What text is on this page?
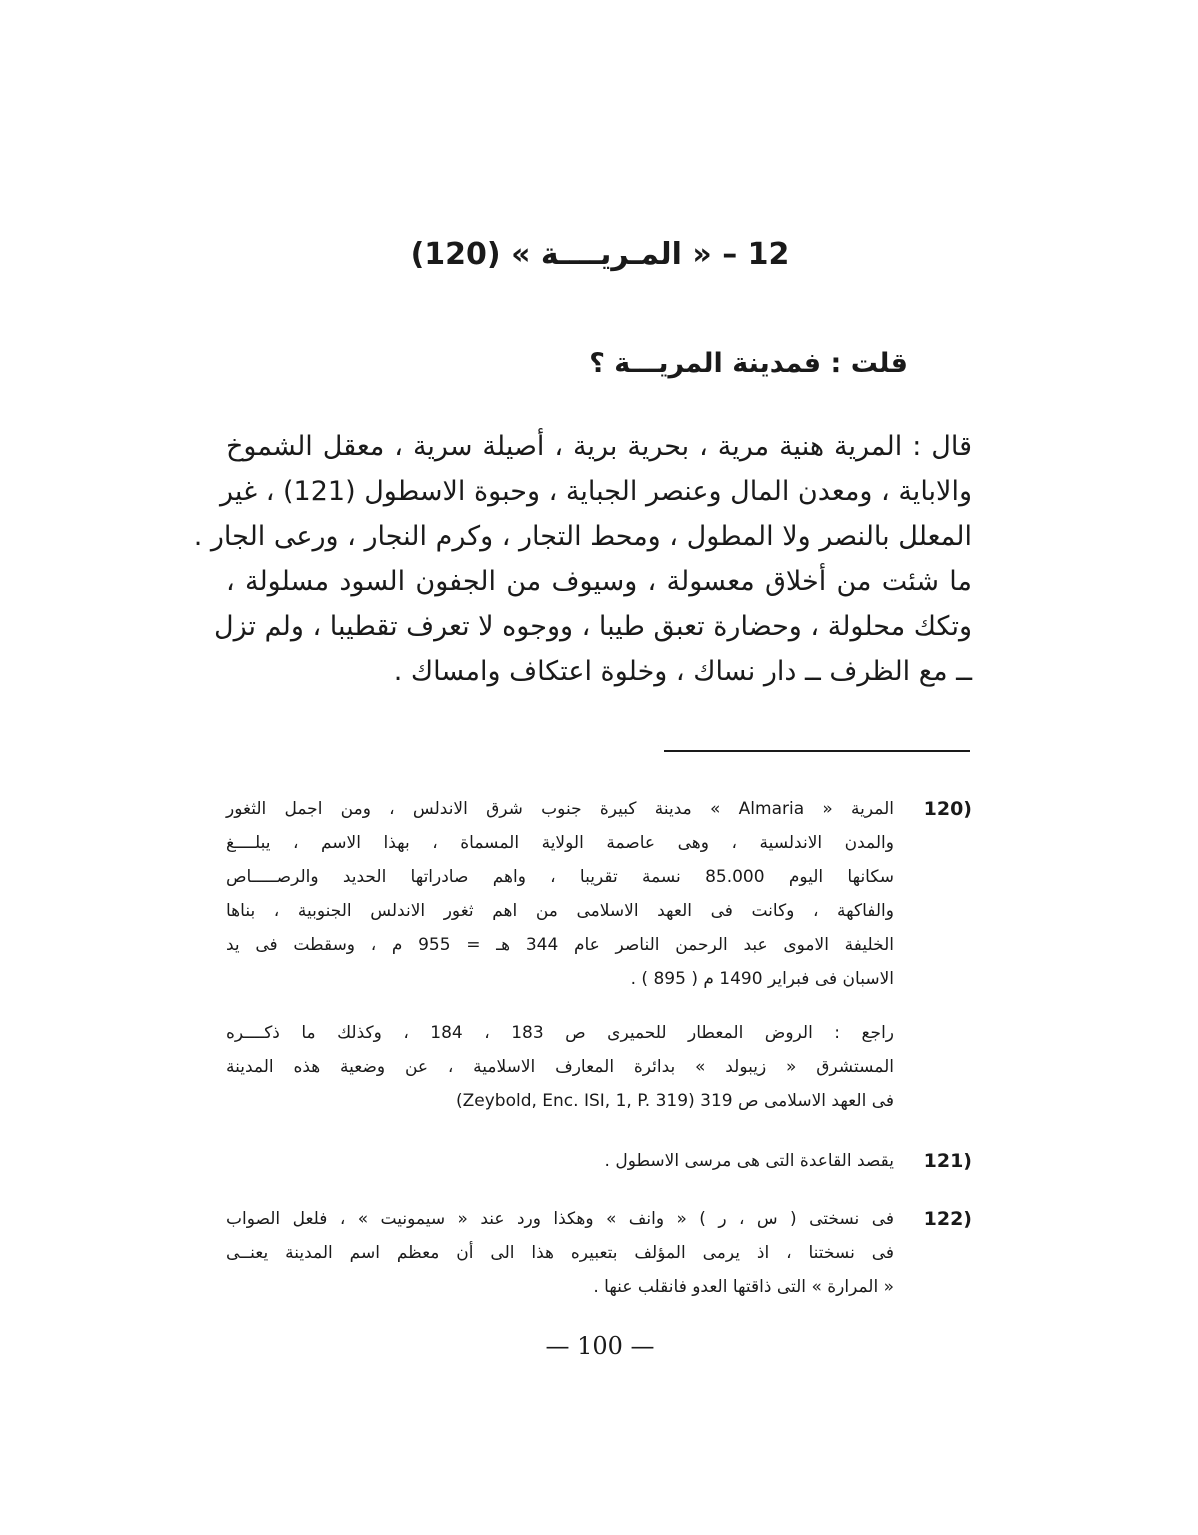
12 – « المـريــــة » (120)
قلت : فمدينة المريـــة ؟
قال : المرية هنية مرية ، بحرية برية ، أصيلة سرية ، معقل الشموخ
والاباية ، ومعدن المال وعنصر الجباية ، وحبوة الاسطول (121) ، غير
المعلل بالنصر ولا المطول ، ومحط التجار ، وكرم النجار ، ورعى الجار .
ما شئت من أخلاق معسولة ، وسيوف من الجفون السود مسلولة ،
وتكك محلولة ، وحضارة تعبق طيبا ، ووجوه لا تعرف تقطيبا ، ولم تزل
ــ مع الظرف ــ دار نساك ، وخلوة اعتكاف وامساك .
120)
المرية « Almaria » مدينة كبيرة جنوب شرق الاندلس ، ومن اجمل الثغور
والمدن الاندلسية ، وهى عاصمة الولاية المسماة ، بهذا الاسم ، يبلــــغ
سكانها اليوم 85.000 نسمة تقريبا ، واهم صادراتها الحديد والرصـــــاص
والفاكهة ، وكانت فى العهد الاسلامى من اهم ثغور الاندلس الجنوبية ، بناها
الخليفة الاموى عبد الرحمن الناصر عام 344 هـ = 955 م ، وسقطت فى يد
الاسبان فى فبراير 1490 م ( 895 ) .
راجع : الروض المعطار للحميرى ص 183 ، 184 ، وكذلك ما ذكــــره
المستشرق « زيبولد » بدائرة المعارف الاسلامية ، عن وضعية هذه المدينة
فى العهد الاسلامى ص 319 (Zeybold, Enc. ISI, 1, P. 319)
121)
يقصد القاعدة التى هى مرسى الاسطول .
122)
فى نسختى ( س ، ر ) « وانف » وهكذا ورد عند « سيمونيت » ، فلعل الصواب
فى نسختنا ، اذ يرمى المؤلف بتعبيره هذا الى أن معظم اسم المدينة يعنــى
« المرارة » التى ذاقتها العدو فانقلب عنها .
— 100 —
